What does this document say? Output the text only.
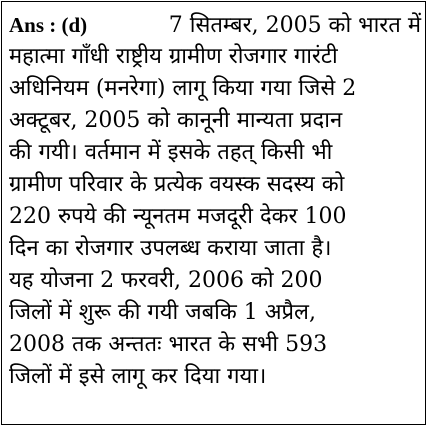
Ans : (d)	7 सितम्बर, 2005 को भारत में
महात्मा गाँधी राष्ट्रीय ग्रामीण रोजगार गारंटी
अधिनियम (मनरेगा) लागू किया गया जिसे 2
अक्टूबर, 2005 को कानूनी मान्यता प्रदान
की गयी। वर्तमान में इसके तहत् किसी भी
ग्रामीण परिवार के प्रत्येक वयस्क सदस्य को
220 रुपये की न्यूनतम मजदूरी देकर 100
दिन का रोजगार उपलब्ध कराया जाता है।
यह योजना 2 फरवरी, 2006 को 200
जिलों में शुरू की गयी जबकि 1 अप्रैल,
2008 तक अन्ततः भारत के सभी 593
जिलों में इसे लागू कर दिया गया।
